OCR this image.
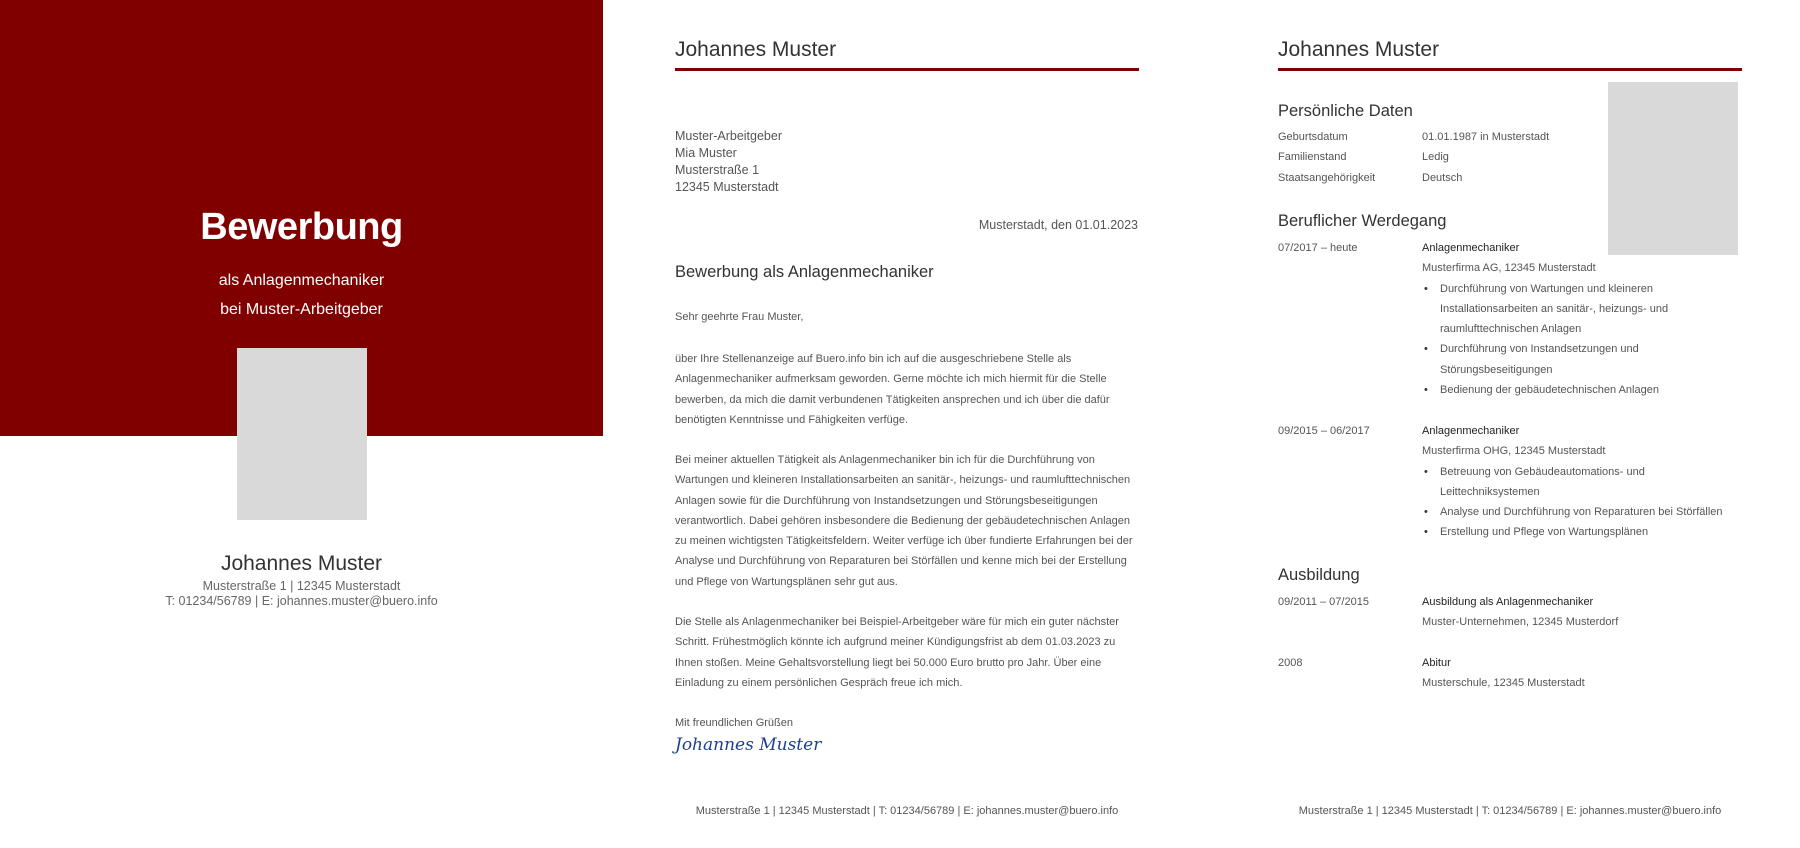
Bewerbung
als Anlagenmechaniker
bei Muster-Arbeitgeber
Johannes Muster
Musterstraße 1 | 12345 Musterstadt
T: 01234/56789 | E: johannes.muster@buero.info
Johannes Muster
Muster-Arbeitgeber
Mia Muster
Musterstraße 1
12345 Musterstadt
Musterstadt, den 01.01.2023
Bewerbung als Anlagenmechaniker
Sehr geehrte Frau Muster,

über Ihre Stellenanzeige auf Buero.info bin ich auf die ausgeschriebene Stelle als Anlagenmechaniker aufmerksam geworden. Gerne möchte ich mich hiermit für die Stelle bewerben, da mich die damit verbundenen Tätigkeiten ansprechen und ich über die dafür benötigten Kenntnisse und Fähigkeiten verfüge.

Bei meiner aktuellen Tätigkeit als Anlagenmechaniker bin ich für die Durchführung von Wartungen und kleineren Installationsarbeiten an sanitär-, heizungs- und raumlufttechnischen Anlagen sowie für die Durchführung von Instandsetzungen und Störungsbeseitigungen verantwortlich. Dabei gehören insbesondere die Bedienung der gebäudetechnischen Anlagen zu meinen wichtigsten Tätigkeitsfeldern. Weiter verfüge ich über fundierte Erfahrungen bei der Analyse und Durchführung von Reparaturen bei Störfällen und kenne mich bei der Erstellung und Pflege von Wartungsplänen sehr gut aus.

Die Stelle als Anlagenmechaniker bei Beispiel-Arbeitgeber wäre für mich ein guter nächster Schritt. Frühestmöglich könnte ich aufgrund meiner Kündigungsfrist ab dem 01.03.2023 zu Ihnen stoßen. Meine Gehaltsvorstellung liegt bei 50.000 Euro brutto pro Jahr. Über eine Einladung zu einem persönlichen Gespräch freue ich mich.

Mit freundlichen Grüßen
Johannes Muster
Musterstraße 1 | 12345 Musterstadt | T: 01234/56789 | E: johannes.muster@buero.info
Johannes Muster
Persönliche Daten
Geburtsdatum	01.01.1987 in Musterstadt
Familienstand	Ledig
Staatsangehörigkeit	Deutsch
Beruflicher Werdegang
07/2017 – heute	Anlagenmechaniker
Musterfirma AG, 12345 Musterstadt
• Durchführung von Wartungen und kleineren Installationsarbeiten an sanitär-, heizungs- und raumlufttechnischen Anlagen
• Durchführung von Instandsetzungen und Störungsbeseitigungen
• Bedienung der gebäudetechnischen Anlagen
09/2015 – 06/2017	Anlagenmechaniker
Musterfirma OHG, 12345 Musterstadt
• Betreuung von Gebäudeautomations- und Leittechniksystemen
• Analyse und Durchführung von Reparaturen bei Störfällen
• Erstellung und Pflege von Wartungsplänen
Ausbildung
09/2011 – 07/2015	Ausbildung als Anlagenmechaniker
Muster-Unternehmen, 12345 Musterdorf
2008	Abitur
Musterschule, 12345 Musterstadt
Musterstraße 1 | 12345 Musterstadt | T: 01234/56789 | E: johannes.muster@buero.info
